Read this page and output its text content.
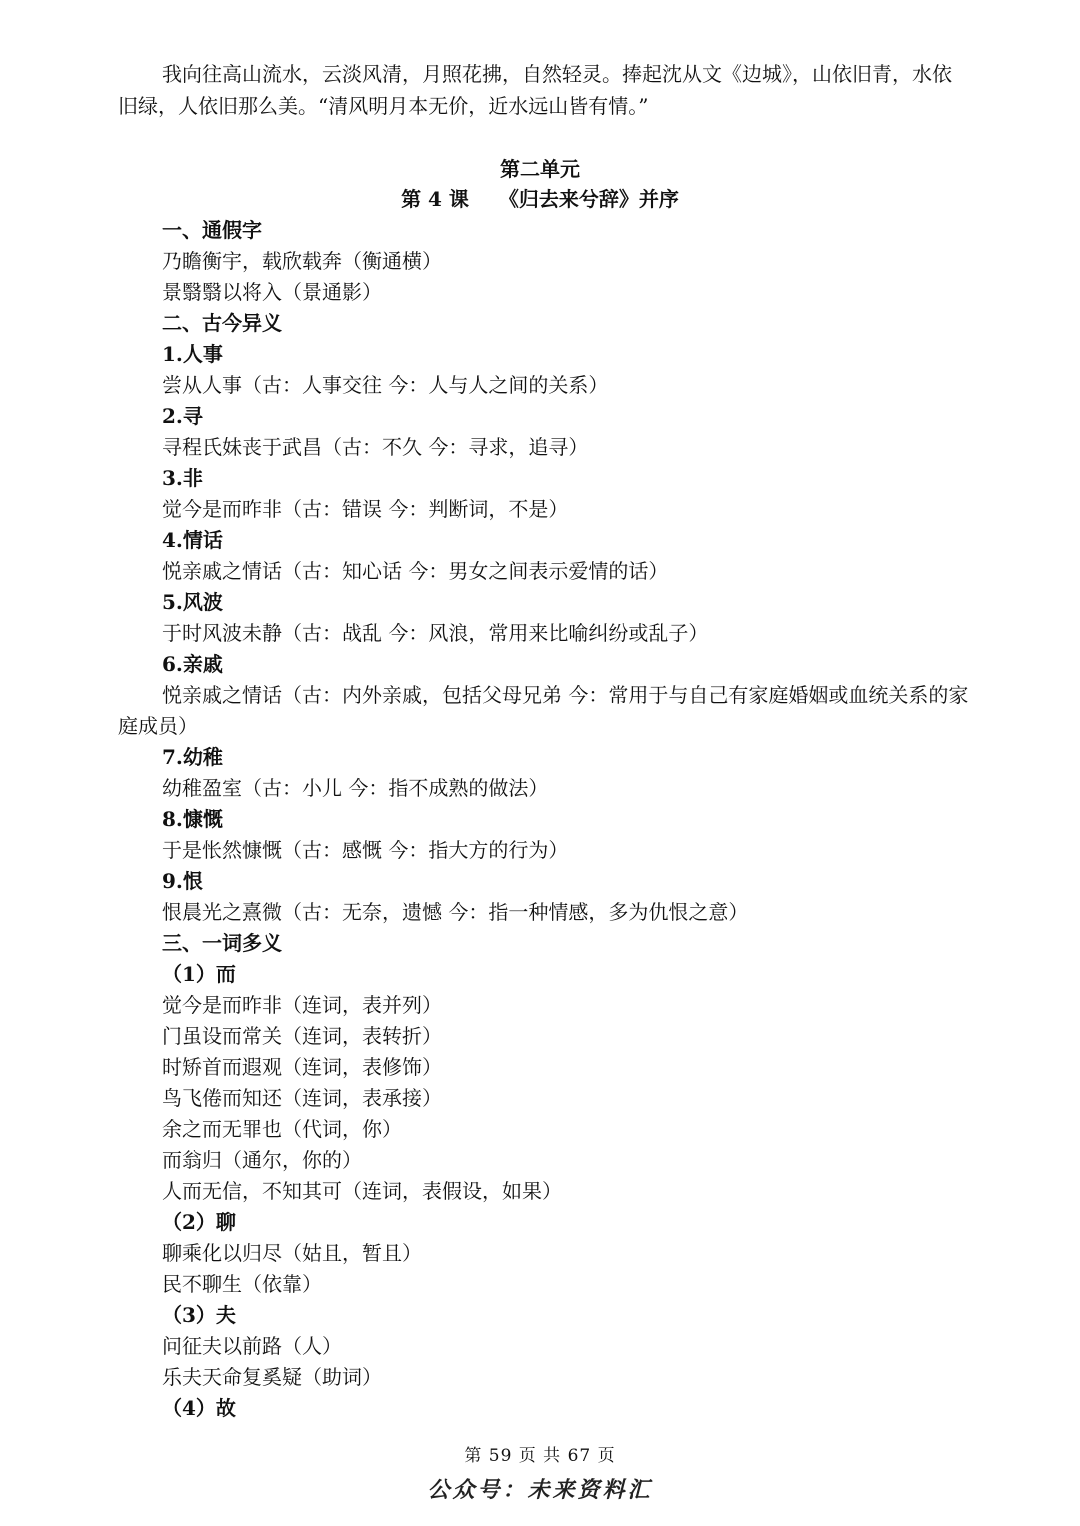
我向往高山流水，云淡风清，月照花拂，自然轻灵。捧起沈从文《边城》，山依旧青，水依旧绿，人依旧那么美。“清风明月本无价，近水远山皆有情。”

第二单元
第 4 课　　《归去来兮辞》并序
一、通假字
乃瞻衡宇，载欣载奔（衡通横）
景翳翳以将入（景通影）
二、古今异义
1.人事
尝从人事（古：人事交往 今：人与人之间的关系）
2.寻
寻程氏妹丧于武昌（古：不久 今：寻求，追寻）
3.非
觉今是而昨非（古：错误 今：判断词，不是）
4.情话
悦亲戚之情话（古：知心话 今：男女之间表示爱情的话）
5.风波
于时风波未静（古：战乱 今：风浪，常用来比喻纠纷或乱子）
6.亲戚
悦亲戚之情话（古：内外亲戚，包括父母兄弟 今：常用于与自己有家庭婚姻或血统关系的家庭成员）
7.幼稚
幼稚盈室（古：小儿 今：指不成熟的做法）
8.慷慨
于是怅然慷慨（古：感慨 今：指大方的行为）
9.恨
恨晨光之熹微（古：无奈，遗憾 今：指一种情感，多为仇恨之意）
三、一词多义
（1）而
觉今是而昨非（连词，表并列）
门虽设而常关（连词，表转折）
时矫首而遐观（连词，表修饰）
鸟飞倦而知还（连词，表承接）
余之而无罪也（代词，你）
而翁归（通尔，你的）
人而无信，不知其可（连词，表假设，如果）
（2）聊
聊乘化以归尽（姑且，暂且）
民不聊生（依靠）
（3）夫
问征夫以前路（人）
乐夫天命复奚疑（助词）
（4）故
第 59 页 共 67 页
公众号：未来资料汇
